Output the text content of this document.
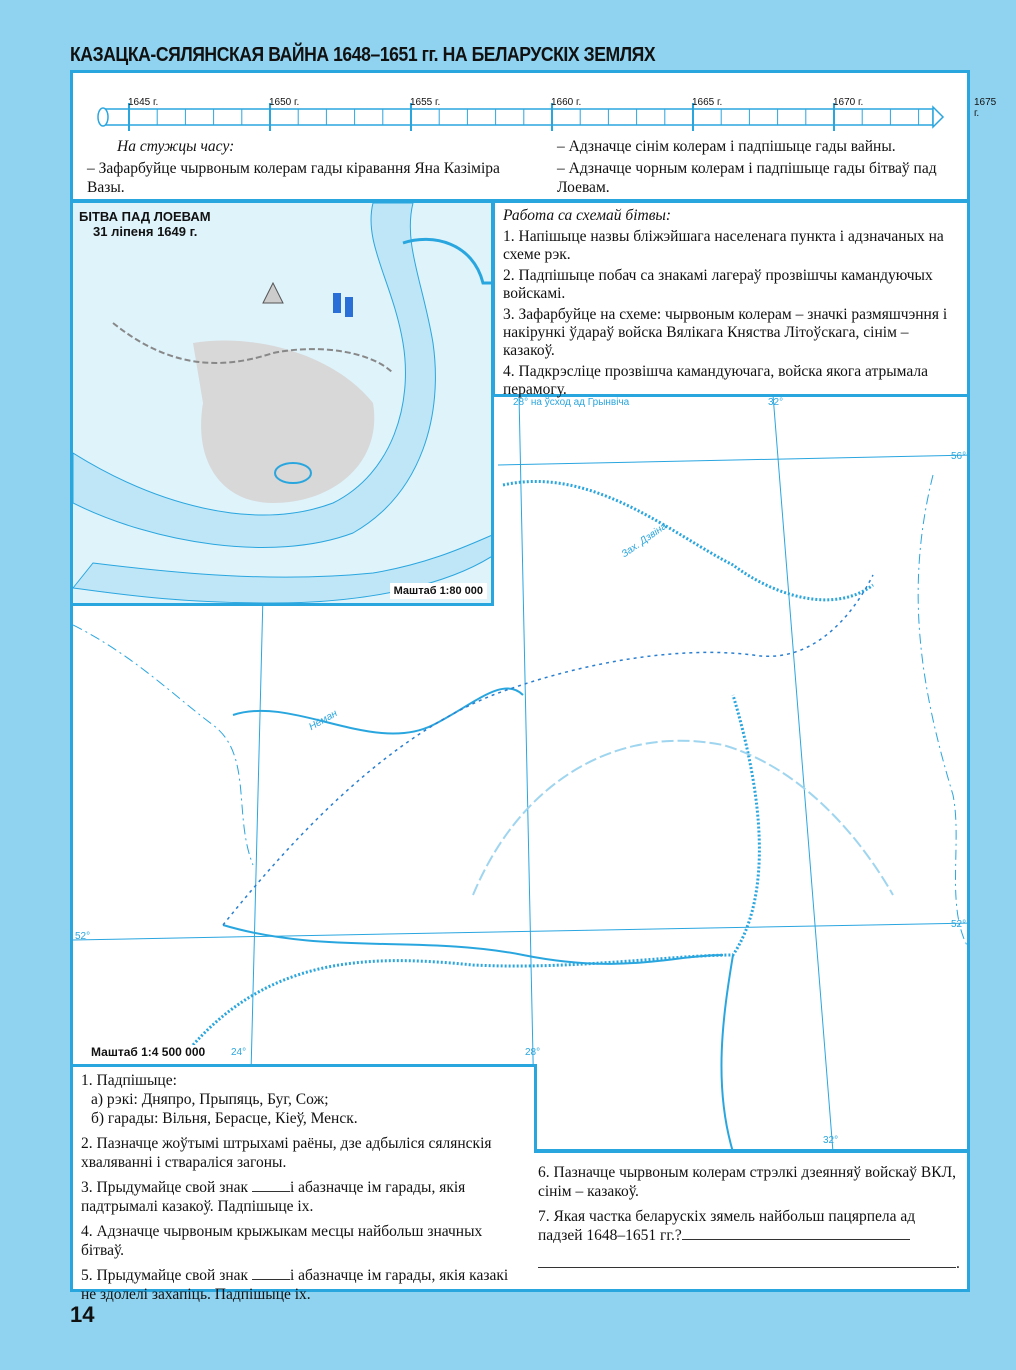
КАЗАЦКА-СЯЛЯНСКАЯ ВАЙНА 1648–1651 гг. НА БЕЛАРУСКІХ ЗЕМЛЯХ
1645 г.	1650 г.	1655 г.	1660 г.	1665 г.	1670 г.	1675 г.
На стужцы часу:
– Зафарбуйце чырвоным колерам гады кіравання Яна Казіміра Вазы.
– Адзначце сінім колерам і падпішыце гады вайны.
– Адзначце чорным колерам і падпішыце гады бітваў пад Лоевам.
БІТВА ПАД ЛОЕВАМ
31 ліпеня 1649 г.
Маштаб 1:80 000

Работа са схемай бітвы:

1. Напішыце назвы бліжэйшага населенага пункта і адзначаных на схеме рэк.

2. Падпішыце побач са знакамі лагераў прозвішчы камандуючых войскамі.

3. Зафарбуйце на схеме: чырвоным колерам – значкі размяшчэння і накірункі ўдараў войска Вялікага Княства Літоўскага, сінім – казакоў.

4. Падкрэсліце прозвішча камандуючага, войска якога атрымала перамогу.

28° на ўсход ад Грынвіча	32°
56°
52°
52°
Нёман
Зах. Дзвіна
24°	28°
32°
Маштаб 1:4 500 000

1. Падпішыце:

а) рэкі: Дняпро, Прыпяць, Буг, Сож;

б) гарады: Вільня, Берасце, Кіеў, Менск.

2. Пазначце жоўтымі штрыхамі раёны, дзе адбыліся сялянскія хваляванні і ствараліся загоны.

3. Прыдумайце свой знак	і абазначце ім гарады, якія падтрымалі казакоў. Падпішыце іх.

4. Адзначце чырвоным крыжыкам месцы найбольш значных бітваў.

5. Прыдумайце свой знак	і абазначце ім гарады, якія казакі не здолелі захапіць. Падпішыце іх.

6. Пазначце чырвоным колерам стрэлкі дзеянняў войскаў ВКЛ, сінім – казакоў.

7. Якая частка беларускіх зямель найбольш пацярпела ад падзей 1648–1651 гг.?

.

14
